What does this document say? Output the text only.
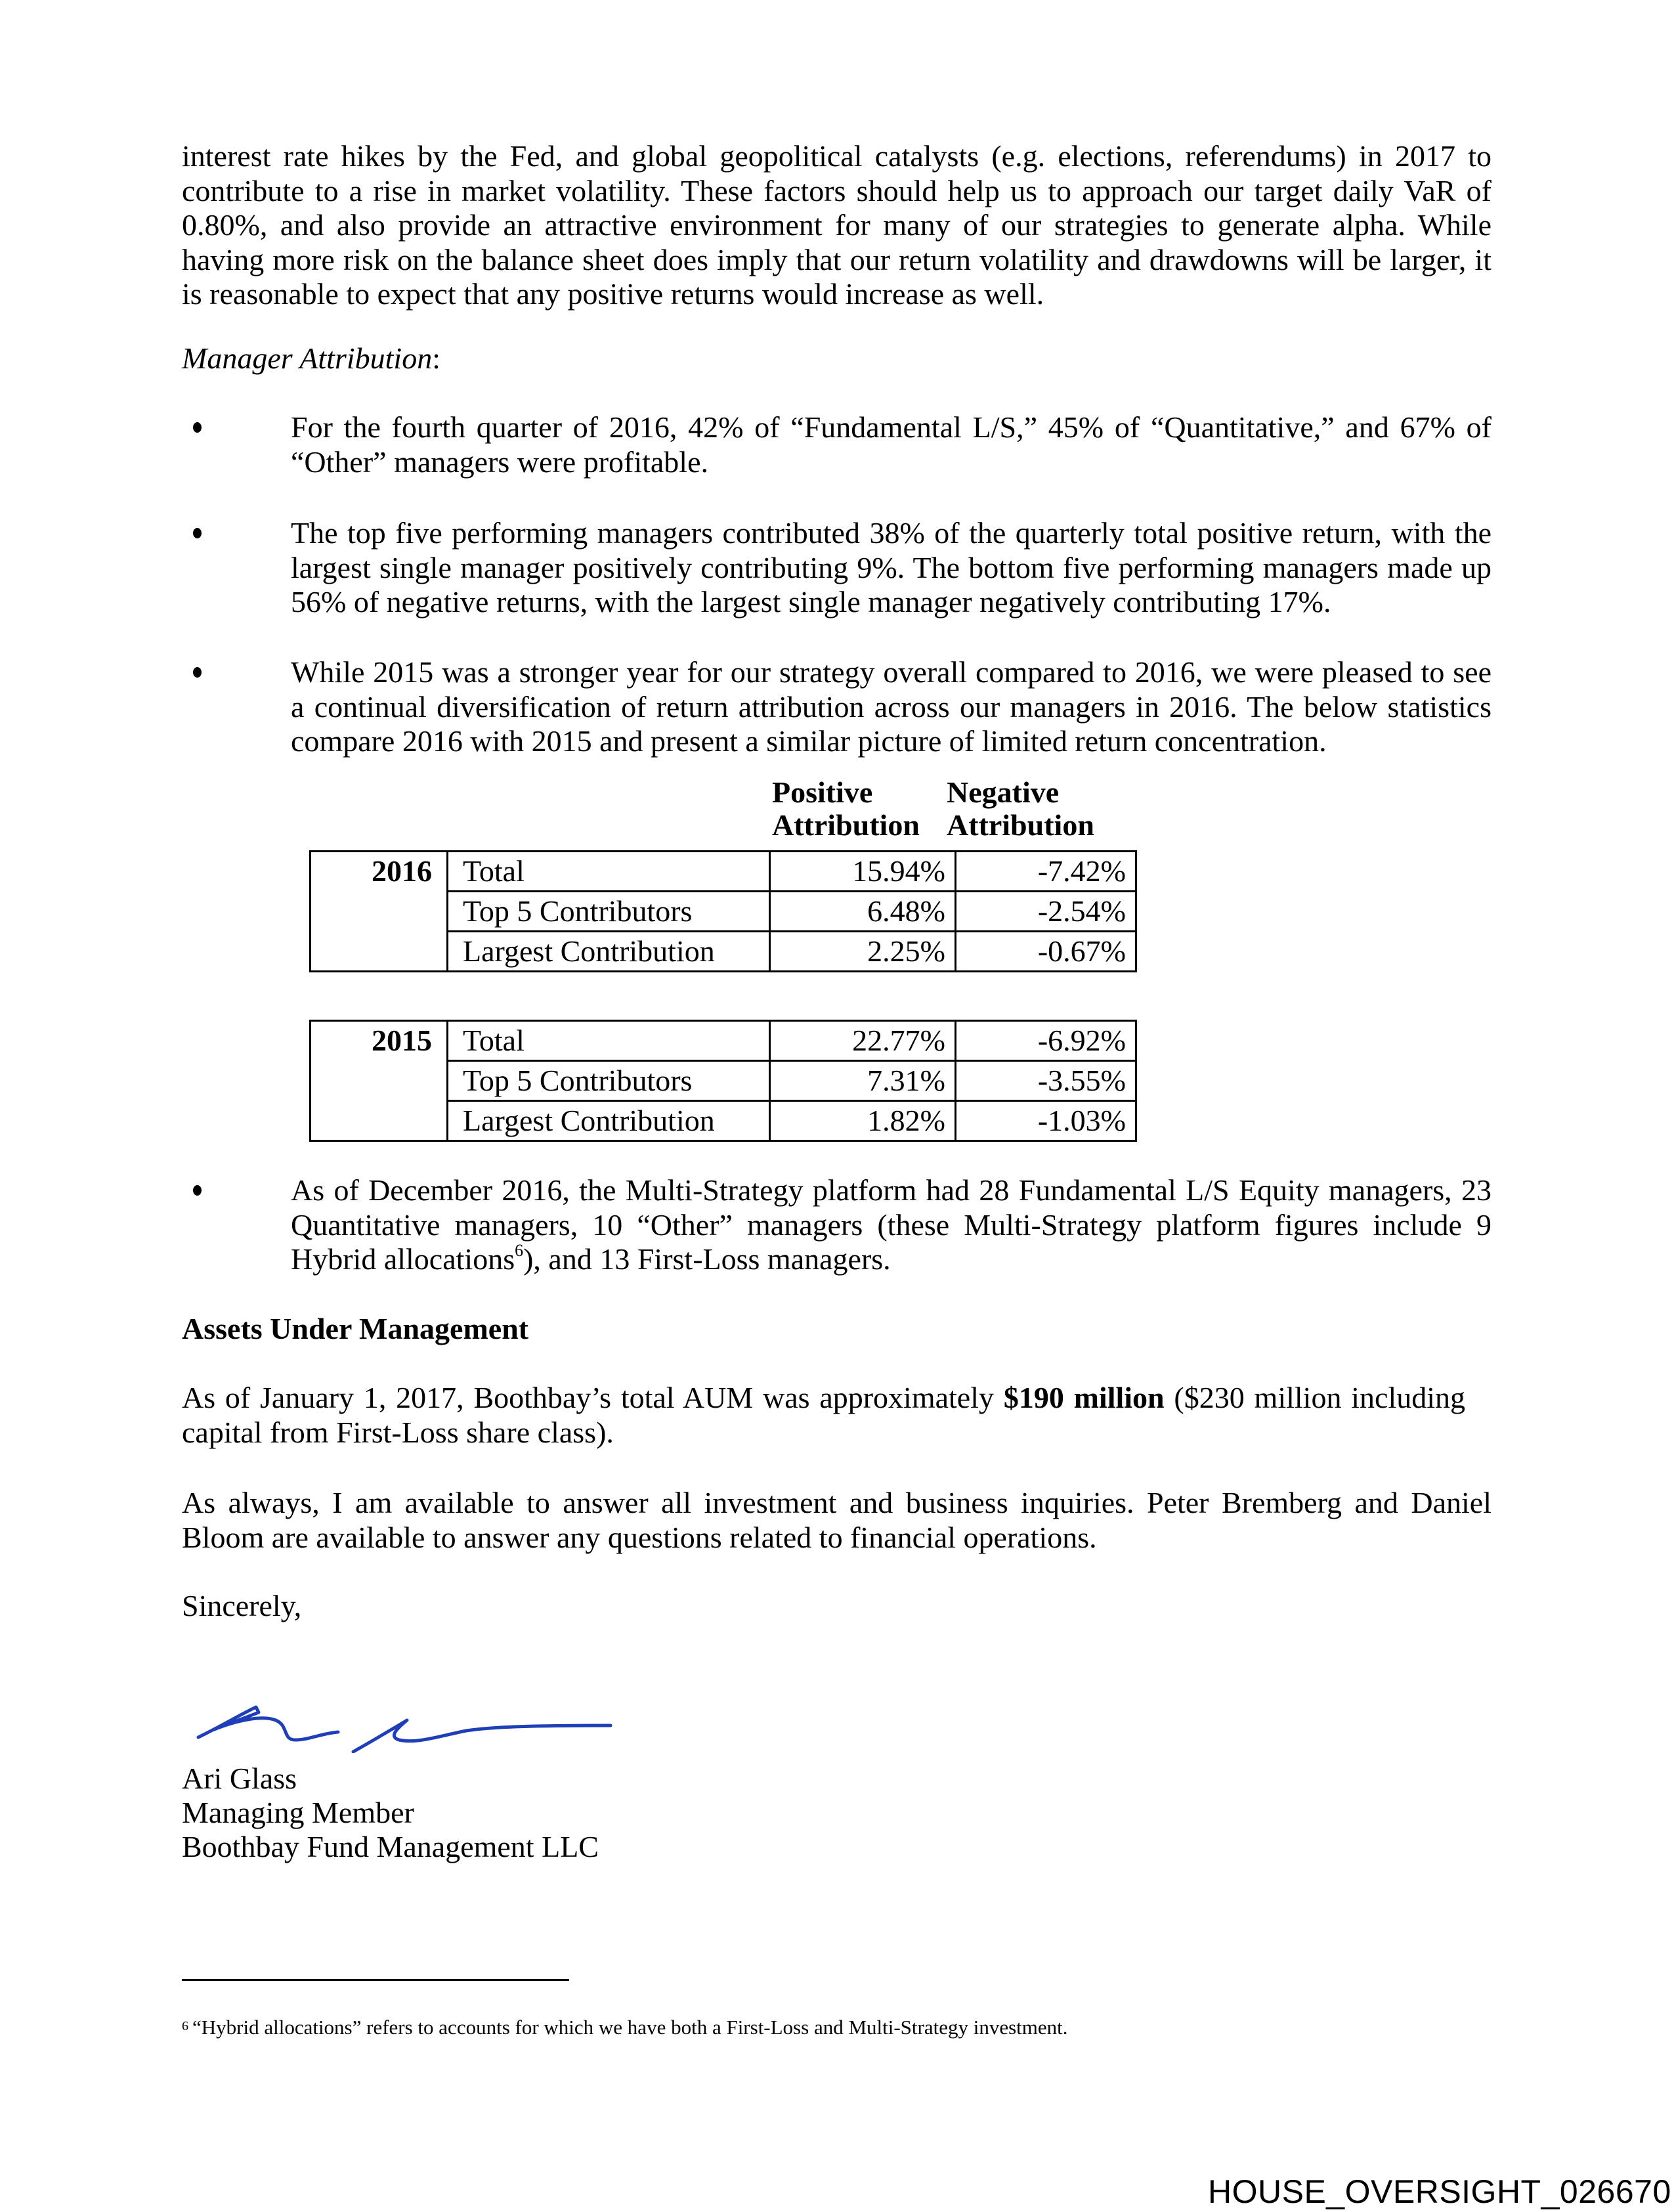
interest rate hikes by the Fed, and global geopolitical catalysts (e.g. elections, referendums) in 2017 to contribute to a rise in market volatility. These factors should help us to approach our target daily VaR of 0.80%, and also provide an attractive environment for many of our strategies to generate alpha. While having more risk on the balance sheet does imply that our return volatility and drawdowns will be larger, it is reasonable to expect that any positive returns would increase as well.
Manager Attribution:
For the fourth quarter of 2016, 42% of “Fundamental L/S,” 45% of “Quantitative,” and 67% of “Other” managers were profitable.
The top five performing managers contributed 38% of the quarterly total positive return, with the largest single manager positively contributing 9%. The bottom five performing managers made up 56% of negative returns, with the largest single manager negatively contributing 17%.
While 2015 was a stronger year for our strategy overall compared to 2016, we were pleased to see a continual diversification of return attribution across our managers in 2016. The below statistics compare 2016 with 2015 and present a similar picture of limited return concentration.
Positive
Attribution
Negative
Attribution
2016	Total	15.94%	-7.42%
	Top 5 Contributors	6.48%	-2.54%
	Largest Contribution	2.25%	-0.67%
2015	Total	22.77%	-6.92%
	Top 5 Contributors	7.31%	-3.55%
	Largest Contribution	1.82%	-1.03%
As of December 2016, the Multi-Strategy platform had 28 Fundamental L/S Equity managers, 23 Quantitative managers, 10 “Other” managers (these Multi-Strategy platform figures include 9 Hybrid allocations$^6$), and 13 First-Loss managers.
Assets Under Management
As of January 1, 2017, Boothbay’s total AUM was approximately $190 million ($230 million including capital from First-Loss share class).
As always, I am available to answer all investment and business inquiries. Peter Bremberg and Daniel Bloom are available to answer any questions related to financial operations.
Sincerely,
Ari Glass
Managing Member
Boothbay Fund Management LLC
$^6$ “Hybrid allocations” refers to accounts for which we have both a First-Loss and Multi-Strategy investment.
HOUSE_OVERSIGHT_026670
